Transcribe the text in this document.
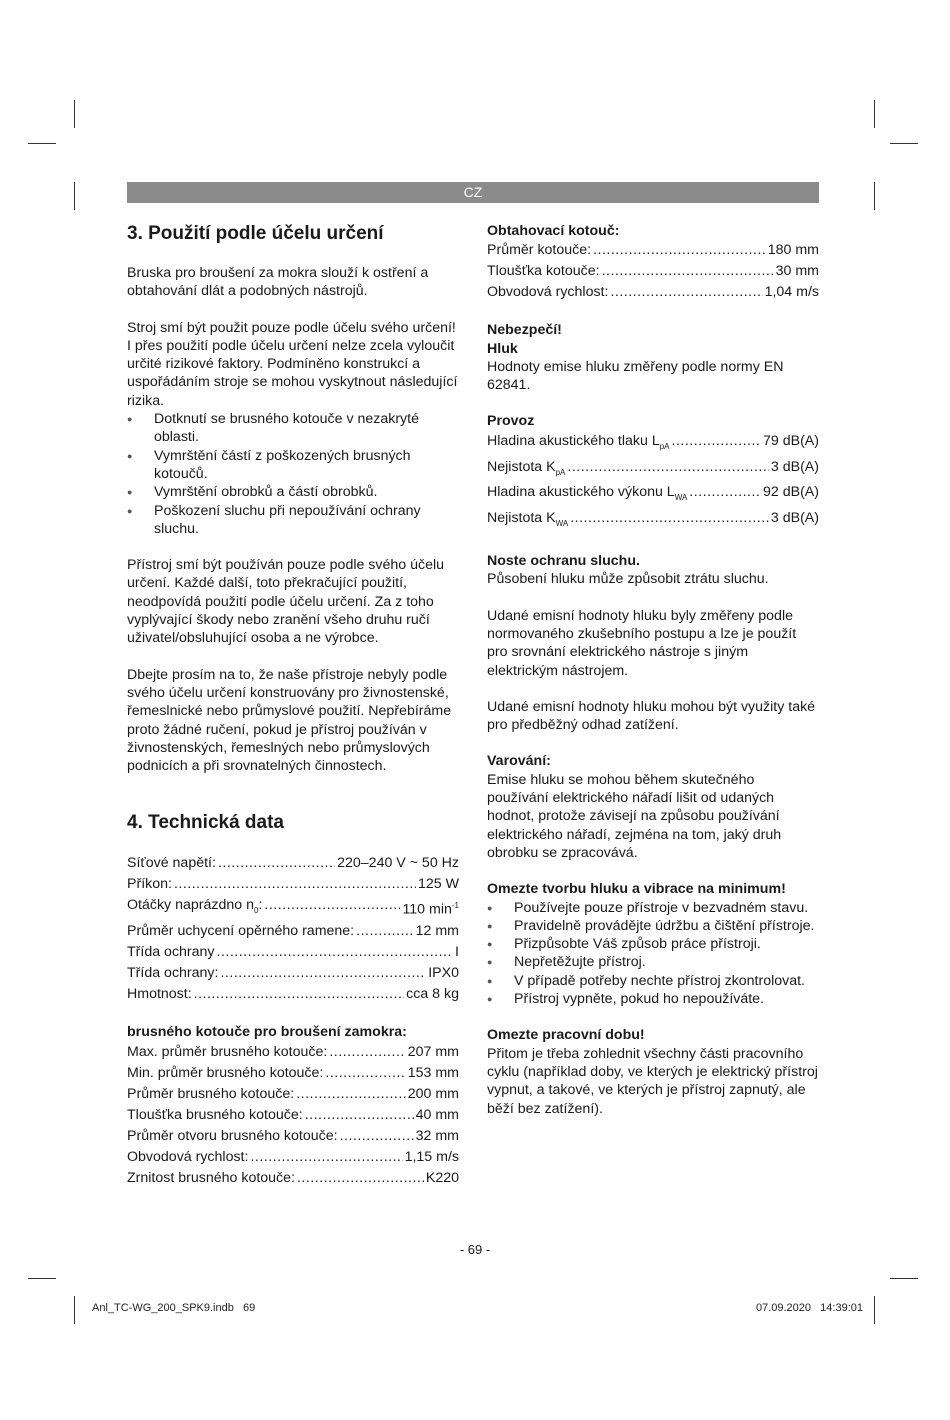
CZ
3. Použití podle účelu určení

Bruska pro broušení za mokra slouží k ostření a obtahování dlát a podobných nástrojů.

Stroj smí být použit pouze podle účelu svého určení! I přes použití podle účelu určení nelze zcela vyloučit určité rizikové faktory. Podmíněno konstrukcí a uspořádáním stroje se mohou vyskytnout následující rizika.

● Dotknutí se brusného kotouče v nezakryté oblasti.
● Vymrštění částí z poškozených brusných kotoučů.
● Vymrštění obrobků a částí obrobků.
● Poškození sluchu při nepoužívání ochrany sluchu.

Přístroj smí být používán pouze podle svého účelu určení. Každé další, toto překračující použití, neodpovídá použití podle účelu určení. Za z toho vyplývající škody nebo zranění všeho druhu ručí uživatel/obsluhující osoba a ne výrobce.

Dbejte prosím na to, že naše přístroje nebyly podle svého účelu určení konstruovány pro živnostenské, řemeslnické nebo průmyslové použití. Nepřebíráme proto žádné ručení, pokud je přístroj používán v živnostenských, řemeslných nebo průmyslových podnicích a při srovnatelných činnostech.

4. Technická data
Síťové napětí: .....	220–240 V ~ 50 Hz
Příkon: .....	125 W
Otáčky naprázdno $n_0$: .....	110 $\min^{-1}$
Průměr uchycení opěrného ramene: .....	12 mm
Třída ochrany .....	I
Třída ochrany: .....	IPX0
Hmotnost: .....	cca 8 kg

brusného kotouče pro broušení zamokra:

Max. průměr brusného kotouče: .....	207 mm
Min. průměr brusného kotouče: .....	153 mm
Průměr brusného kotouče: .....	200 mm
Tloušťka brusného kotouče: .....	40 mm
Průměr otvoru brusného kotouče: .....	32 mm
Obvodová rychlost: .....	1,15 m/s
Zrnitost brusného kotouče: .....	K220

Obtahovací kotouč:

Průměr kotouče: .....	180 mm
Tloušťka kotouče: .....	30 mm
Obvodová rychlost: .....	1,04 m/s

Nebezpečí!

Hluk

Hodnoty emise hluku změřeny podle normy EN 62841.

Provoz

Hladina akustického tlaku $L_{pA}$ .....	79 dB(A)
Nejistota $K_{pA}$ .....	3 dB(A)
Hladina akustického výkonu $L_{WA}$ .....	92 dB(A)
Nejistota $K_{WA}$ .....	3 dB(A)

Noste ochranu sluchu.

Působení hluku může způsobit ztrátu sluchu.

Udané emisní hodnoty hluku byly změřeny podle normovaného zkušebního postupu a lze je použít pro srovnání elektrického nástroje s jiným elektrickým nástrojem.

Udané emisní hodnoty hluku mohou být využity také pro předběžný odhad zatížení.

Varování:

Emise hluku se mohou během skutečného používání elektrického nářadí lišit od udaných hodnot, protože závisejí na způsobu používání elektrického nářadí, zejména na tom, jaký druh obrobku se zpracovává.

Omezte tvorbu hluku a vibrace na minimum!

● Používejte pouze přístroje v bezvadném stavu.
● Pravidelně provádějte údržbu a čištění přístroje.
● Přizpůsobte Váš způsob práce přístroji.
● Nepřetěžujte přístroj.
● V případě potřeby nechte přístroj zkontrolovat.
● Přístroj vypněte, pokud ho nepoužíváte.

Omezte pracovní dobu!

Přitom je třeba zohlednit všechny části pracovního cyklu (například doby, ve kterých je elektrický přístroj vypnut, a takové, ve kterých je přístroj zapnutý, ale běží bez zatížení).

- 69 -
Anl_TC-WG_200_SPK9.indb   69	07.09.2020   14:39:01
